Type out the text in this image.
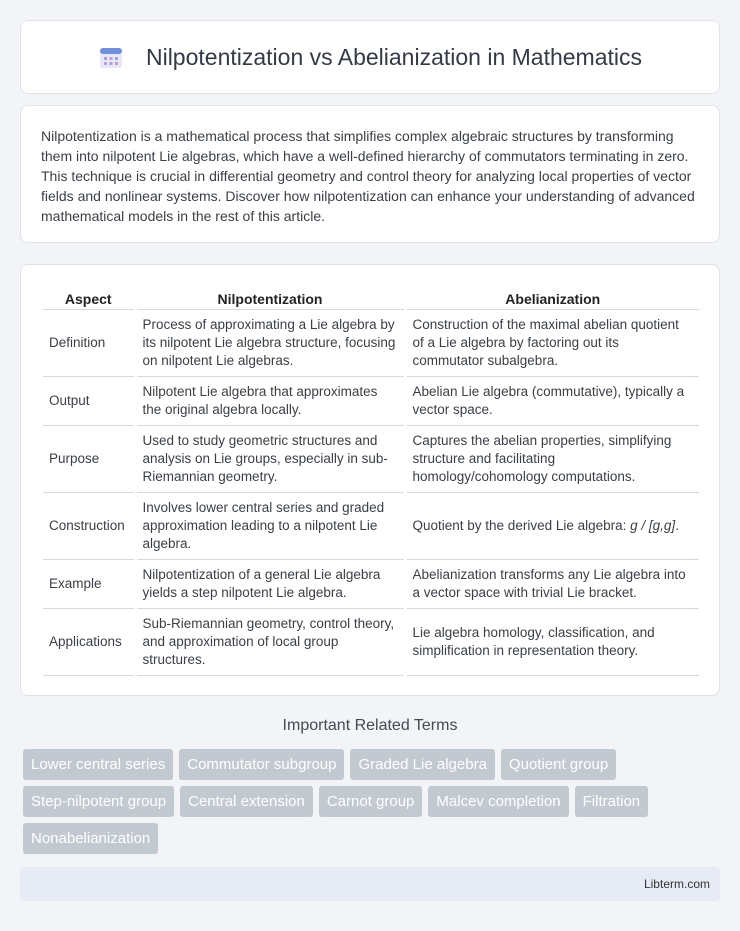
Nilpotentization vs Abelianization in Mathematics

Nilpotentization is a mathematical process that simplifies complex algebraic structures by transforming them into nilpotent Lie algebras, which have a well-defined hierarchy of commutators terminating in zero. This technique is crucial in differential geometry and control theory for analyzing local properties of vector fields and nonlinear systems. Discover how nilpotentization can enhance your understanding of advanced mathematical models in the rest of this article.

Aspect	Nilpotentization	Abelianization
Definition	Process of approximating a Lie algebra by its nilpotent Lie algebra structure, focusing on nilpotent Lie algebras.	Construction of the maximal abelian quotient of a Lie algebra by factoring out its commutator subalgebra.
Output	Nilpotent Lie algebra that approximates the original algebra locally.	Abelian Lie algebra (commutative), typically a vector space.
Purpose	Used to study geometric structures and analysis on Lie groups, especially in sub-Riemannian geometry.	Captures the abelian properties, simplifying structure and facilitating homology/cohomology computations.
Construction	Involves lower central series and graded approximation leading to a nilpotent Lie algebra.	Quotient by the derived Lie algebra: g / [g,g].
Example	Nilpotentization of a general Lie algebra yields a step nilpotent Lie algebra.	Abelianization transforms any Lie algebra into a vector space with trivial Lie bracket.
Applications	Sub-Riemannian geometry, control theory, and approximation of local group structures.	Lie algebra homology, classification, and simplification in representation theory.
Important Related Terms
Lower central series	Commutator subgroup	Graded Lie algebra	Quotient group
Step-nilpotent group	Central extension	Carnot group	Malcev completion	Filtration
Nonabelianization
Libterm.com
